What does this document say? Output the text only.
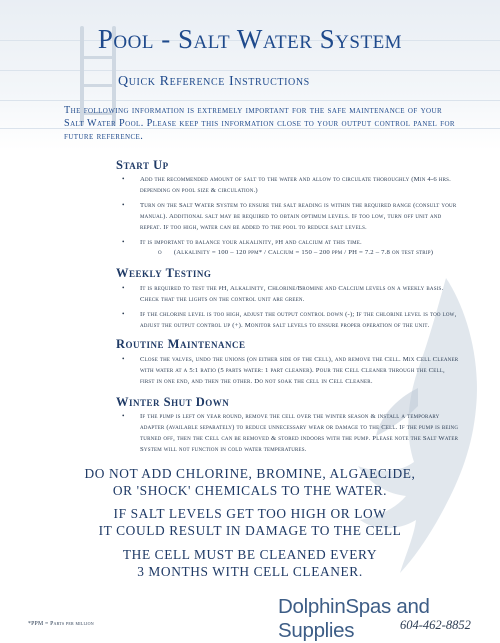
Pool - Salt Water System
Quick Reference Instructions
The following information is extremely important for the safe maintenance of your Salt Water Pool. Please keep this information close to your output control panel for future reference.
Start Up
• Add the recommended amount of salt to the water and allow to circulate thoroughly (Min 4-6 hrs. depending on pool size & circulation.)
• Turn on the Salt Water System to ensure the salt reading is within the required range (consult your manual). Additional salt may be required to obtain optimum levels. If too low, turn off unit and repeat. If too high, water can be added to the pool to reduce salt levels.
• It is important to balance your alkalinity, pH and calcium at this time.
o (Alkalinity = 100 – 120 ppm* / Calcium = 150 – 200 ppm / PH = 7.2 – 7.8 on test strip)
Weekly Testing
• It is required to test the pH, Alkalinity, Chlorine/Bromine and Calcium levels on a weekly basis. Check that the lights on the control unit are green.
• If the chlorine level is too high, adjust the output control down (-); If the chlorine level is too low, adjust the output control up (+). Monitor salt levels to ensure proper operation of the unit.
Routine Maintenance
• Close the valves, undo the unions (on either side of the Cell), and remove the Cell. Mix Cell Cleaner with water at a 5:1 ratio (5 parts water: 1 part cleaner). Pour the Cell Cleaner through the Cell, first in one end, and then the other. Do not soak the cell in Cell Cleaner.
Winter Shut Down
• If the pump is left on year round, remove the cell over the winter season & install a temporary adapter (available separately) to reduce unnecessary wear or damage to the Cell. If the pump is being turned off, then the Cell can be removed & stored indoors with the pump. Please note the Salt Water System will not function in cold water temperatures.
DO NOT ADD CHLORINE, BROMINE, ALGAECIDE,
OR 'SHOCK' CHEMICALS TO THE WATER.
IF SALT LEVELS GET TOO HIGH OR LOW
IT COULD RESULT IN DAMAGE TO THE CELL
THE CELL MUST BE CLEANED EVERY
3 MONTHS WITH CELL CLEANER.
*PPM = Parts per million
DolphinSpas and Supplies	604-462-8852
